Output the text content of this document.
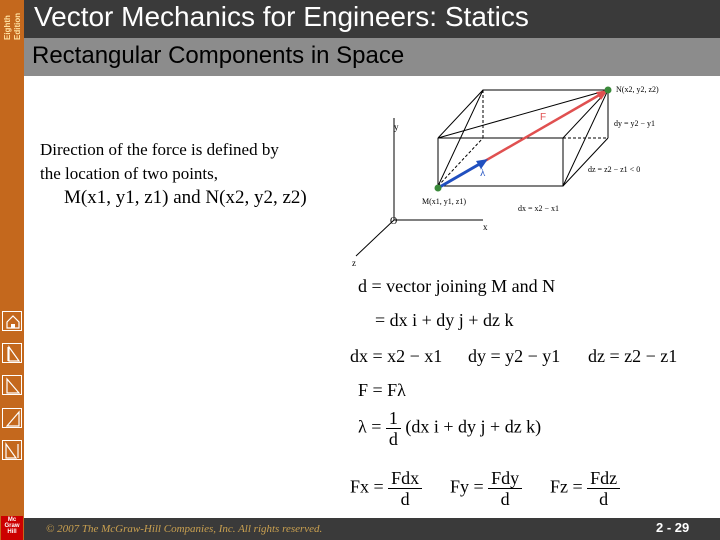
Eighth Edition
Mc
Graw
Hill
Vector Mechanics for Engineers: Statics
Rectangular Components in Space
Direction of the force is defined by
the location of two points,
M(x1, y1, z1) and N(x2, y2, z2)
y
x
z
O
F
λ
M(x1, y1, z1)
N(x2, y2, z2)
dy = y2 − y1
dz = z2 − z1 < 0
dx = x2 − x1
d = vector joining M and N
= dx i + dy j + dz k
dx = x2 − x1 dy = y2 − y1 dz = z2 − z1
F = Fλ
$\lambda = \frac{1}{d} (dx$ i + dy j + dz k)
$Fx = \frac{\text{Fdx}}{d}$ $Fy = \frac{\text{Fdy}}{d}$ $Fz = \frac{\text{Fdz}}{d}$
© 2007 The McGraw-Hill Companies, Inc. All rights reserved.	2 - 29
